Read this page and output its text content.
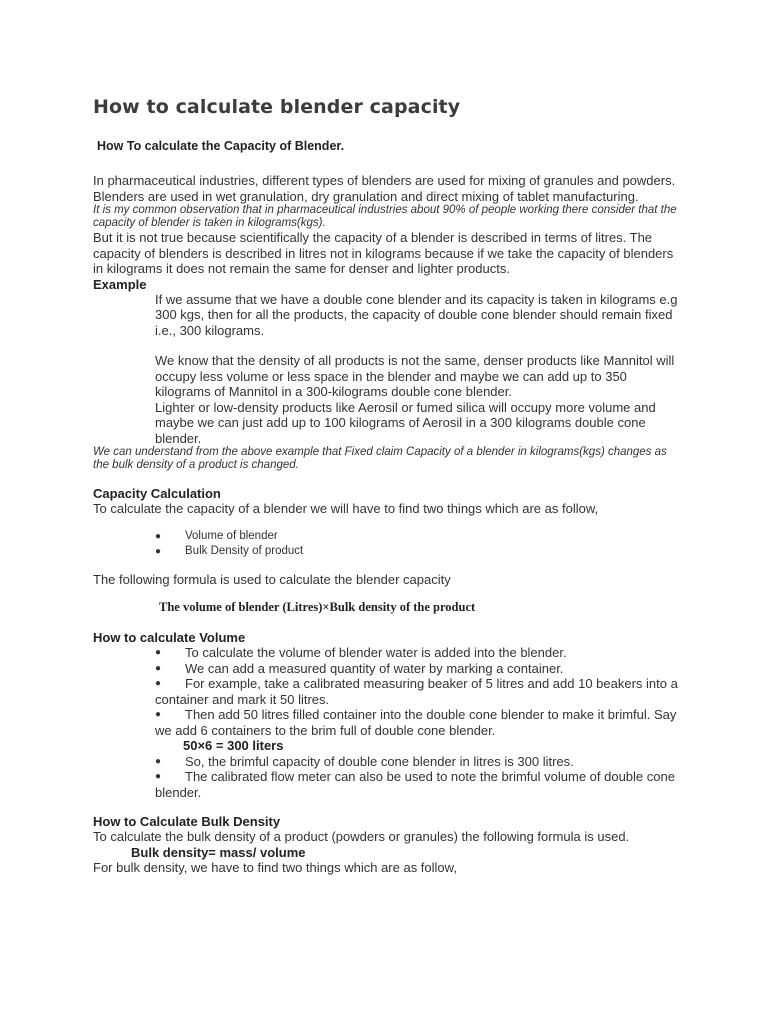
How to calculate blender capacity
How To calculate the Capacity of Blender.

In pharmaceutical industries, different types of blenders are used for mixing of granules and powders. Blenders are used in wet granulation, dry granulation and direct mixing of tablet manufacturing.

It is my common observation that in pharmaceutical industries about 90% of people working there consider that the capacity of blender is taken in kilograms(kgs).

But it is not true because scientifically the capacity of a blender is described in terms of litres. The capacity of blenders is described in litres not in kilograms because if we take the capacity of blenders in kilograms it does not remain the same for denser and lighter products.

Example

If we assume that we have a double cone blender and its capacity is taken in kilograms e.g 300 kgs, then for all the products, the capacity of double cone blender should remain fixed i.e., 300 kilograms.

We know that the density of all products is not the same, denser products like Mannitol will occupy less volume or less space in the blender and maybe we can add up to 350 kilograms of Mannitol in a 300-kilograms double cone blender.

Lighter or low-density products like Aerosil or fumed silica will occupy more volume and maybe we can just add up to 100 kilograms of Aerosil in a 300 kilograms double cone blender.

We can understand from the above example that Fixed claim Capacity of a blender in kilograms(kgs) changes as the bulk density of a product is changed.

Capacity Calculation

To calculate the capacity of a blender we will have to find two things which are as follow,

● Volume of blender
● Bulk Density of product

The following formula is used to calculate the blender capacity

The volume of blender (Litres)×Bulk density of the product
How to calculate Volume
● To calculate the volume of blender water is added into the blender.
● We can add a measured quantity of water by marking a container.
● For example, take a calibrated measuring beaker of 5 litres and add 10 beakers into a container and mark it 50 litres.
● Then add 50 litres filled container into the double cone blender to make it brimful. Say we add 6 containers to the brim full of double cone blender.
50×6 = 300 liters
● So, the brimful capacity of double cone blender in litres is 300 litres.
● The calibrated flow meter can also be used to note the brimful volume of double cone blender.
How to Calculate Bulk Density

To calculate the bulk density of a product (powders or granules) the following formula is used.

Bulk density= mass/ volume

For bulk density, we have to find two things which are as follow,
